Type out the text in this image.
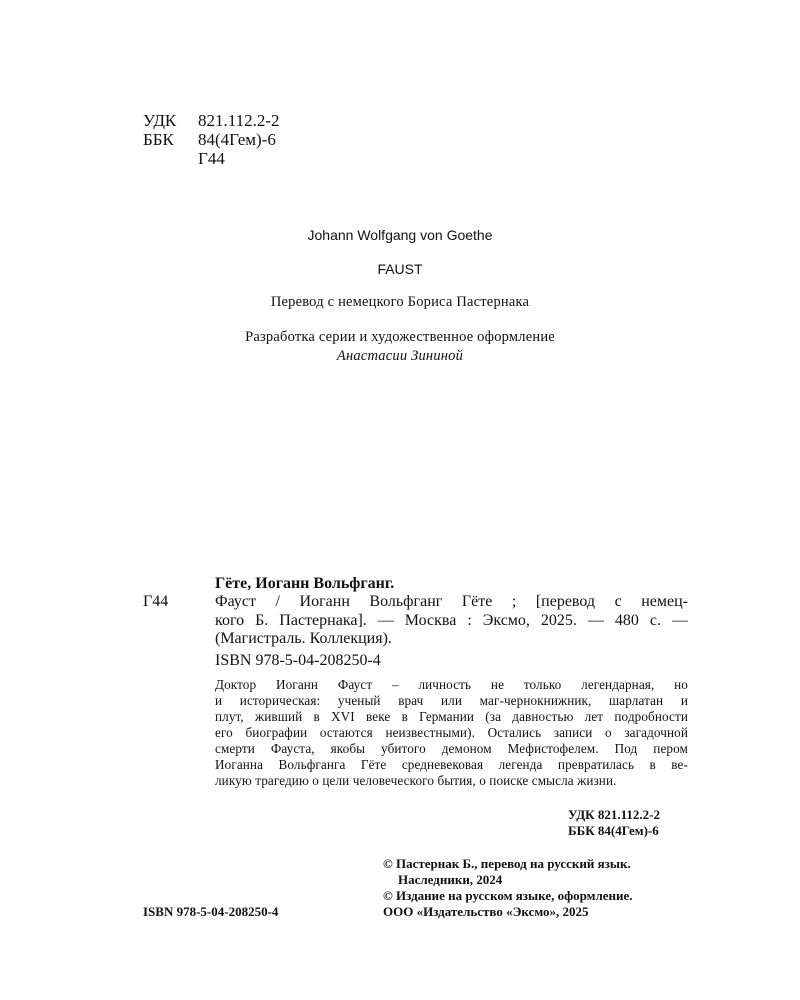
УДК 821.112.2-2
ББК 84(4Гем)-6
Г44
Johann Wolfgang von Goethe
FAUST
Перевод с немецкого Бориса Пастернака
Разработка серии и художественное оформление
Анастасии Зининой
Гёте, Иоганн Вольфганг.
Г44	Фауст / Иоганн Вольфганг Гёте ; [перевод с немец-
кого Б. Пастернака]. — Москва : Эксмо, 2025. — 480 с. —
(Магистраль. Коллекция).
ISBN 978-5-04-208250-4
Доктор Иоганн Фауст – личность не только легендарная, но
и историческая: ученый врач или маг-чернокнижник, шарлатан и
плут, живший в XVI веке в Германии (за давностью лет подробности
его биографии остаются неизвестными). Остались записи о загадочной
смерти Фауста, якобы убитого демоном Мефистофелем. Под пером
Иоганна Вольфганга Гёте средневековая легенда превратилась в ве-
ликую трагедию о цели человеческого бытия, о поиске смысла жизни.
УДК 821.112.2-2
ББК 84(4Гем)-6
© Пастернак Б., перевод на русский язык.
Наследники, 2024
© Издание на русском языке, оформление.
ООО «Издательство «Эксмо», 2025
ISBN 978-5-04-208250-4
